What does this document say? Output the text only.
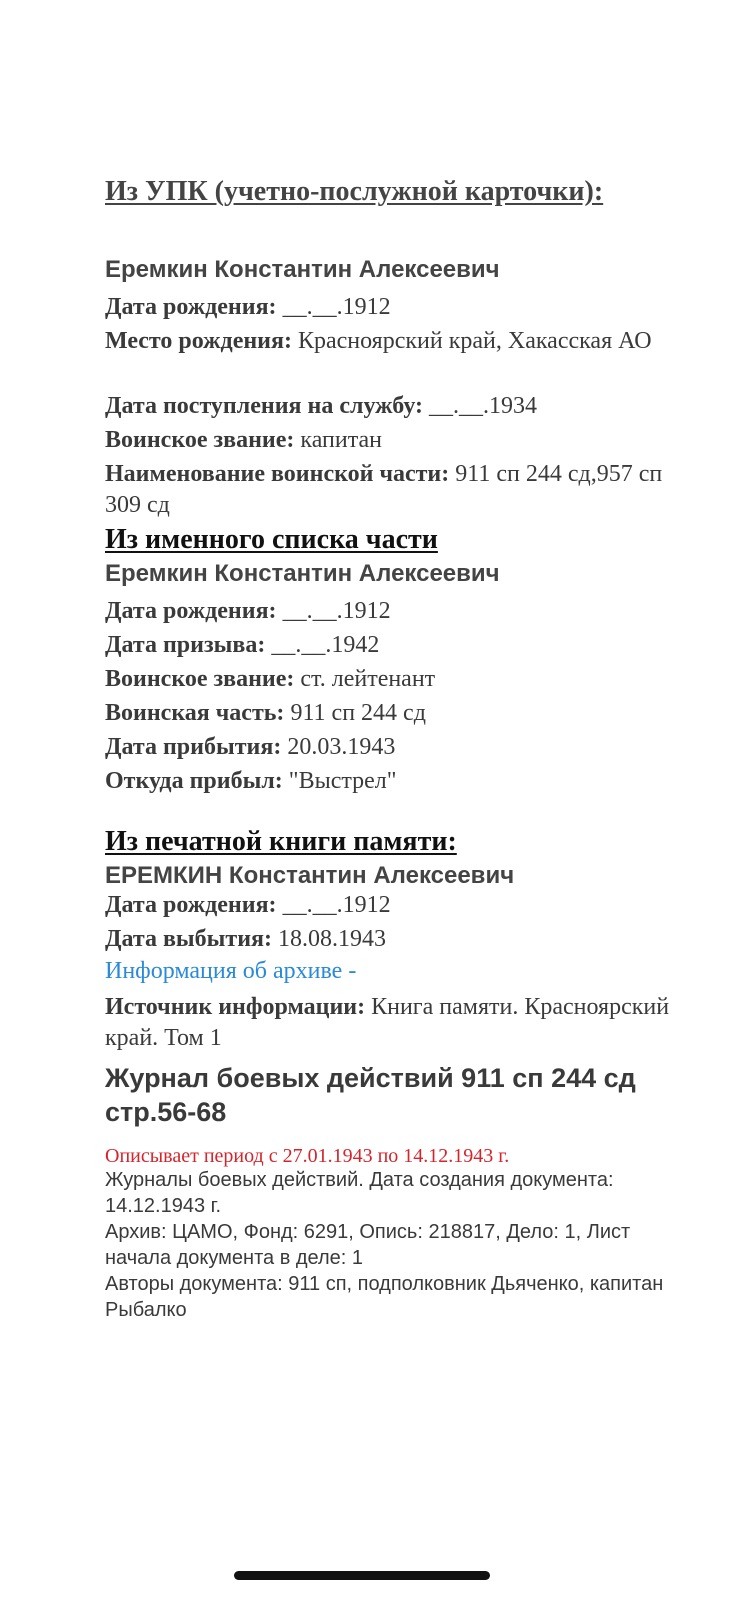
Из УПК (учетно-послужной карточки):
Еремкин Константин Алексеевич
Дата рождения: __.__.1912
Место рождения: Красноярский край, Хакасская АО
Дата поступления на службу: __.__.1934
Воинское звание: капитан
Наименование воинской части: 911 сп 244 сд,957 сп 309 сд
Из именного списка части
Еремкин Константин Алексеевич
Дата рождения: __.__.1912
Дата призыва: __.__.1942
Воинское звание: ст. лейтенант
Воинская часть: 911 сп 244 сд
Дата прибытия: 20.03.1943
Откуда прибыл: "Выстрел"
Из печатной книги памяти:
ЕРЕМКИН Константин Алексеевич
Дата рождения: __.__.1912
Дата выбытия: 18.08.1943
Информация об архиве -
Источник информации: Книга памяти. Красноярский край. Том 1
Журнал боевых действий 911 сп 244 сд стр.56-68
Описывает период с 27.01.1943 по 14.12.1943 г.
Журналы боевых действий. Дата создания документа: 14.12.1943 г.
Архив: ЦАМО, Фонд: 6291, Опись: 218817, Дело: 1, Лист начала документа в деле: 1
Авторы документа: 911 сп, подполковник Дьяченко, капитан Рыбалко
